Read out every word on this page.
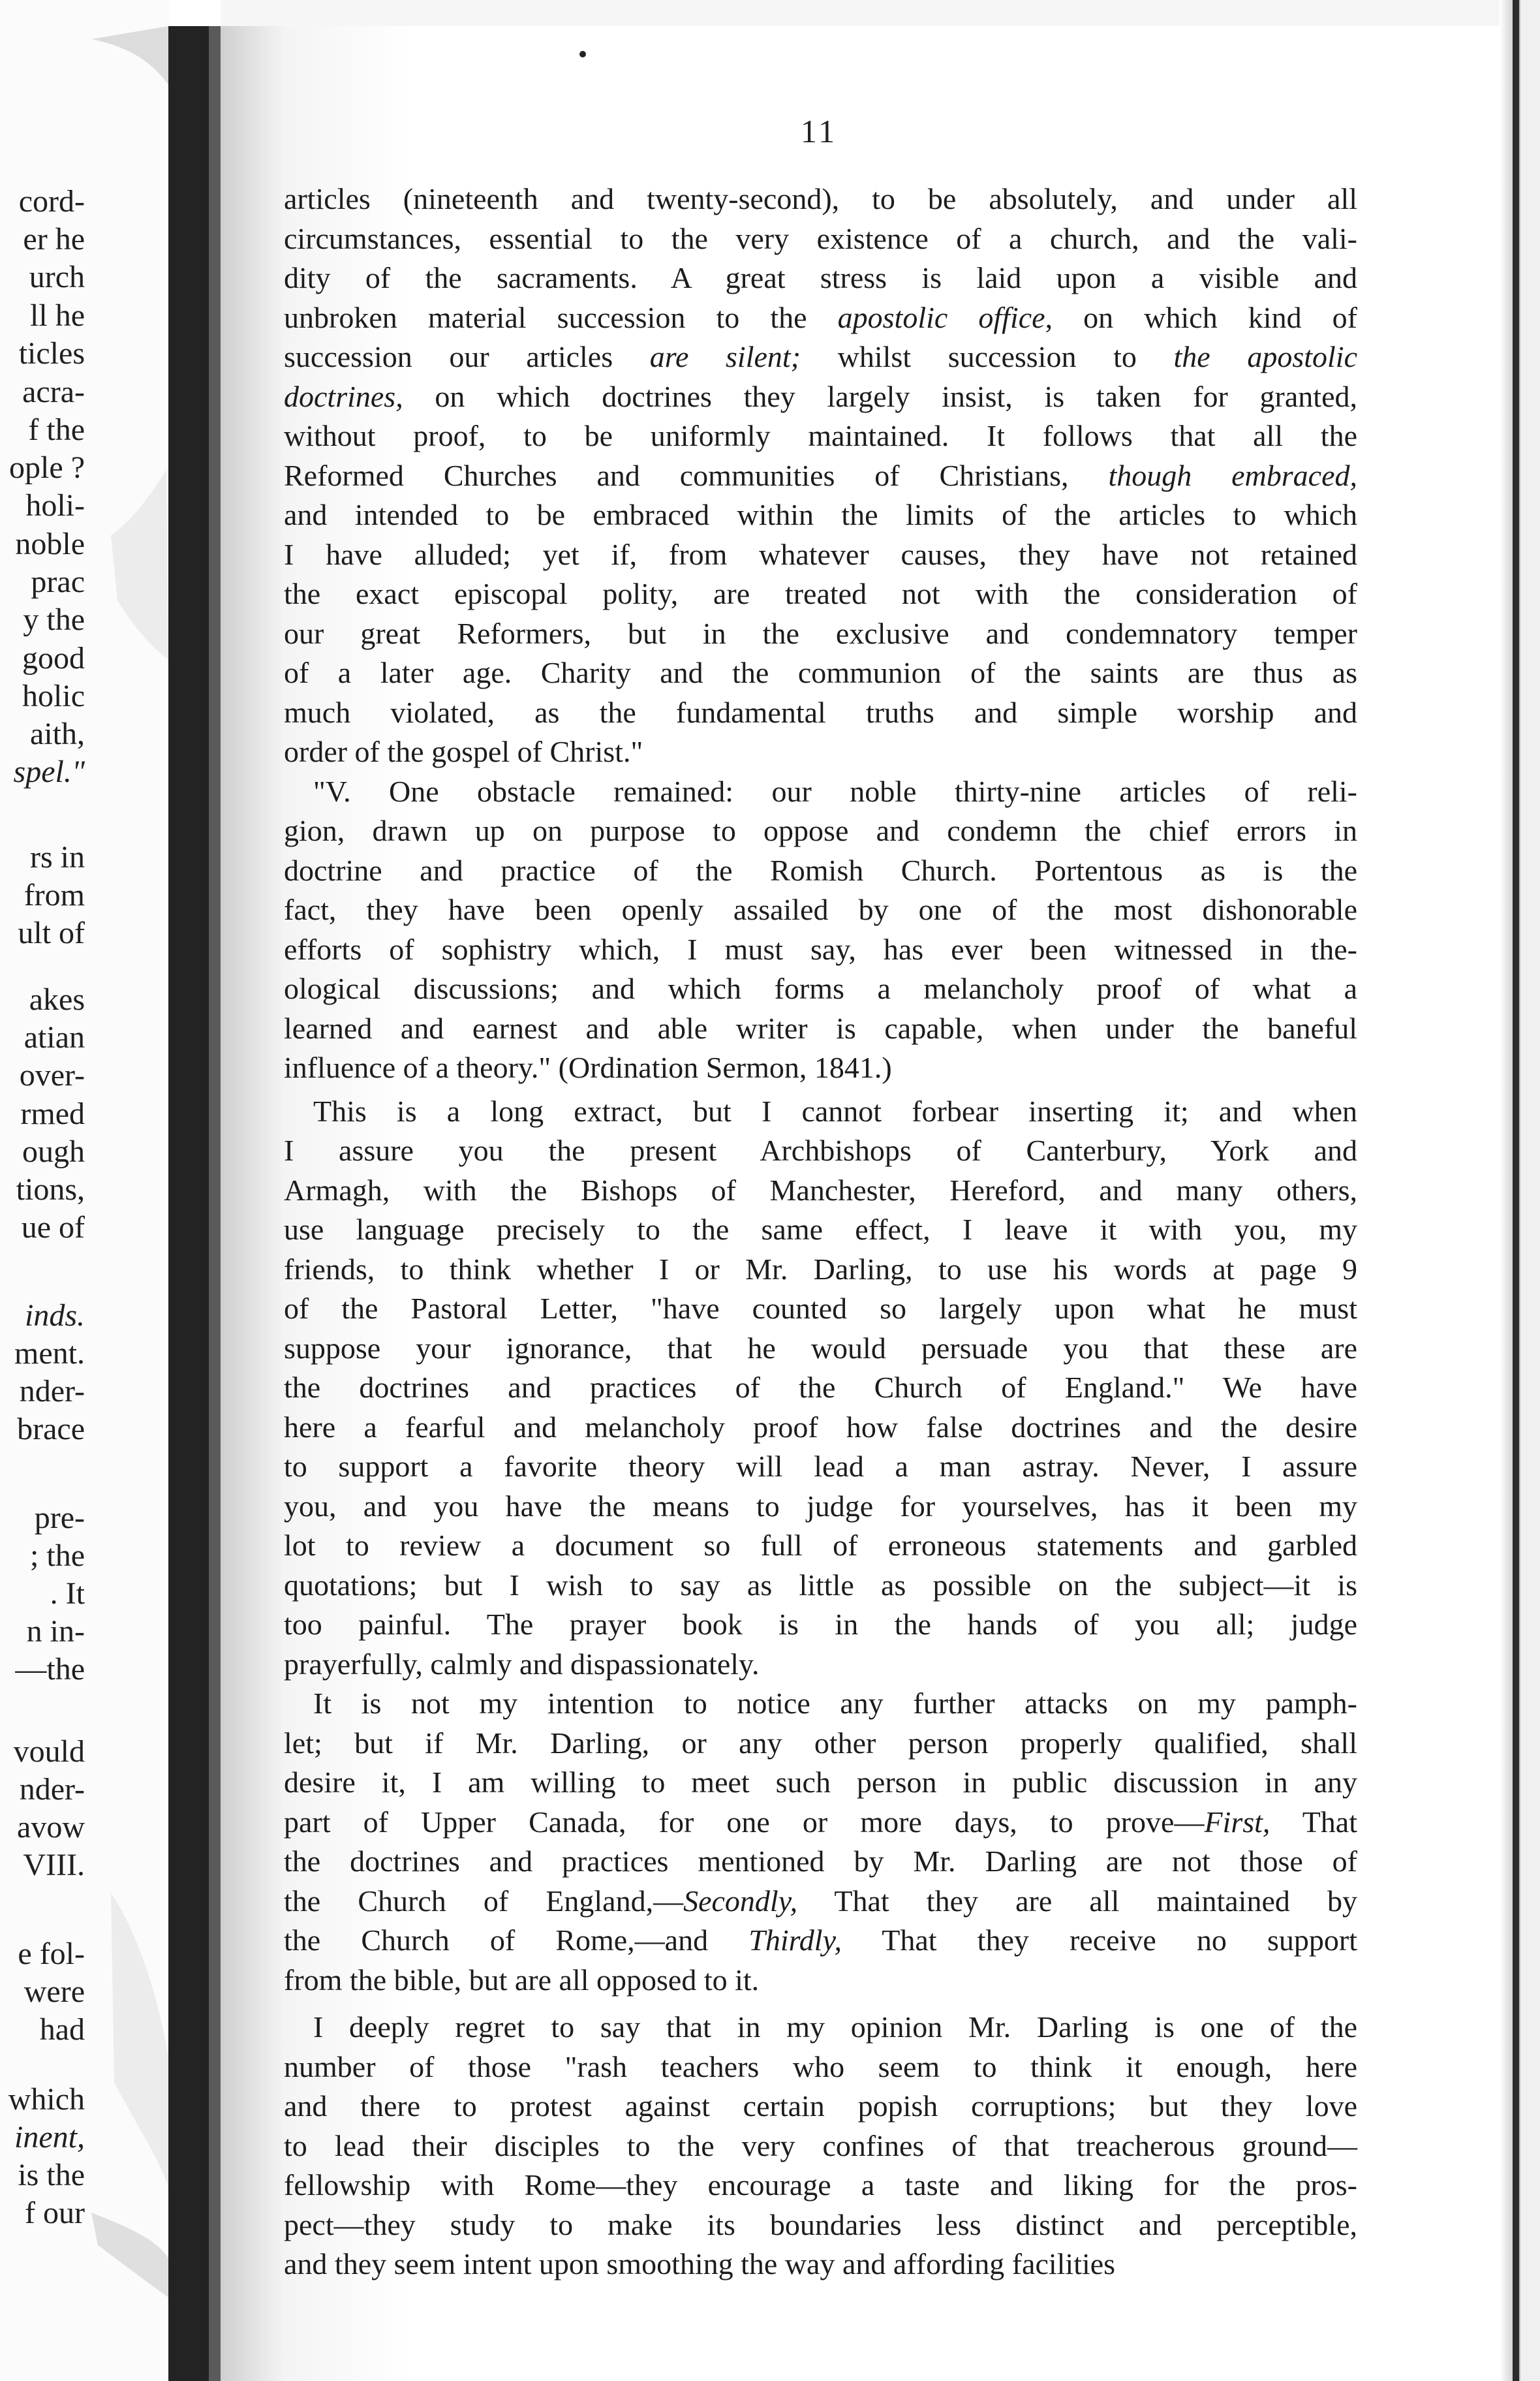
cord-
er he
urch
ll he
ticles
acra-
f the
ople ?
holi-
noble
prac
y the
good
holic
aith,
spel."
rs in
from
ult of
akes
atian
over-
rmed
ough
tions,
ue of
inds.
ment.
nder-
brace
pre-
; the
. It
n in-
—the
vould
nder-
avow
VIII.
e fol-
were
had
which
inent,
is the
f our
11
articles (nineteenth and twenty-second), to be absolutely, and under all
circumstances, essential to the very existence of a church, and the vali-
dity of the sacraments. A great stress is laid upon a visible and
unbroken material succession to the apostolic office, on which kind of
succession our articles are silent; whilst succession to the apostolic
doctrines, on which doctrines they largely insist, is taken for granted,
without proof, to be uniformly maintained. It follows that all the
Reformed Churches and communities of Christians, though embraced,
and intended to be embraced within the limits of the articles to which
I have alluded; yet if, from whatever causes, they have not retained
the exact episcopal polity, are treated not with the consideration of
our great Reformers, but in the exclusive and condemnatory temper
of a later age. Charity and the communion of the saints are thus as
much violated, as the fundamental truths and simple worship and
order of the gospel of Christ."
"V. One obstacle remained: our noble thirty-nine articles of reli-
gion, drawn up on purpose to oppose and condemn the chief errors in
doctrine and practice of the Romish Church. Portentous as is the
fact, they have been openly assailed by one of the most dishonorable
efforts of sophistry which, I must say, has ever been witnessed in the-
ological discussions; and which forms a melancholy proof of what a
learned and earnest and able writer is capable, when under the baneful
influence of a theory." (Ordination Sermon, 1841.)
This is a long extract, but I cannot forbear inserting it; and when
I assure you the present Archbishops of Canterbury, York and
Armagh, with the Bishops of Manchester, Hereford, and many others,
use language precisely to the same effect, I leave it with you, my
friends, to think whether I or Mr. Darling, to use his words at page 9
of the Pastoral Letter, "have counted so largely upon what he must
suppose your ignorance, that he would persuade you that these are
the doctrines and practices of the Church of England." We have
here a fearful and melancholy proof how false doctrines and the desire
to support a favorite theory will lead a man astray. Never, I assure
you, and you have the means to judge for yourselves, has it been my
lot to review a document so full of erroneous statements and garbled
quotations; but I wish to say as little as possible on the subject—it is
too painful. The prayer book is in the hands of you all; judge
prayerfully, calmly and dispassionately.
It is not my intention to notice any further attacks on my pamph-
let; but if Mr. Darling, or any other person properly qualified, shall
desire it, I am willing to meet such person in public discussion in any
part of Upper Canada, for one or more days, to prove—First, That
the doctrines and practices mentioned by Mr. Darling are not those of
the Church of England,—Secondly, That they are all maintained by
the Church of Rome,—and Thirdly, That they receive no support
from the bible, but are all opposed to it.
I deeply regret to say that in my opinion Mr. Darling is one of the
number of those "rash teachers who seem to think it enough, here
and there to protest against certain popish corruptions; but they love
to lead their disciples to the very confines of that treacherous ground—
fellowship with Rome—they encourage a taste and liking for the pros-
pect—they study to make its boundaries less distinct and perceptible,
and they seem intent upon smoothing the way and affording facilities
